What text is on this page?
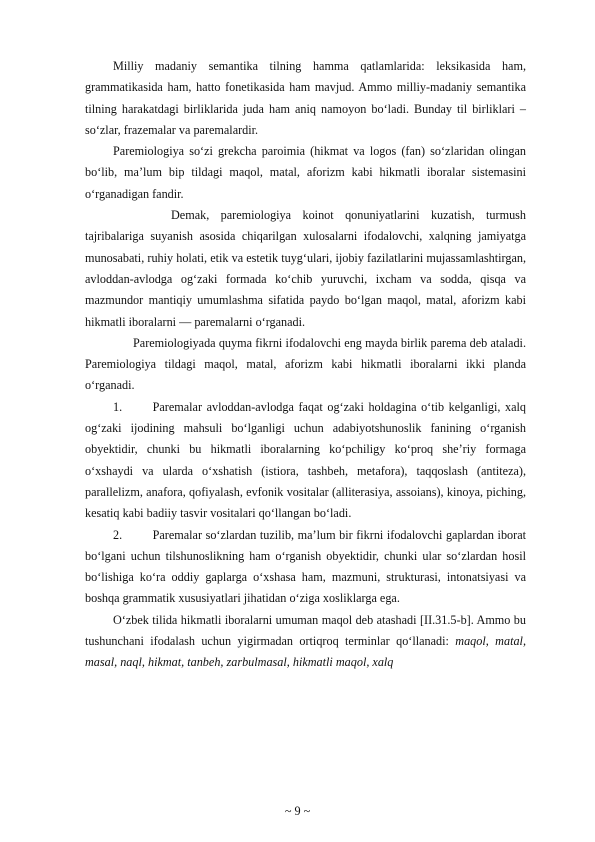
Milliy madaniy semantika tilning hamma qatlamlarida: leksikasida ham, grammatikasida ham, hatto fonetikasida ham mavjud. Ammo milliy-madaniy semantika tilning harakatdagi birliklarida juda ham aniq namoyon bo‘ladi. Bunday til birliklari – so‘zlar, frazemalar va paremalardir.

Paremiologiya so‘zi grekcha paroimia (hikmat va logos (fan) so‘zlaridan olingan bo‘lib, ma’lum bip tildagi maqol, matal, aforizm kabi hikmatli iboralar sistemasini o‘rganadigan fandir.

Demak, paremiologiya koinot qonuniyatlarini kuzatish, turmush tajribalariga suyanish asosida chiqarilgan xulosalarni ifodalovchi, xalqning jamiyatga munosabati, ruhiy holati, etik va estetik tuyg‘ulari, ijobiy fazilatlarini mujassamlashtirgan, avloddan-avlodga og‘zaki formada ko‘chib yuruvchi, ixcham va sodda, qisqa va mazmundor mantiqiy umumlashma sifatida paydo bo‘lgan maqol, matal, aforizm kabi hikmatli iboralarni — paremalarni o‘rganadi.

Paremiologiyada quyma fikrni ifodalovchi eng mayda birlik parema deb ataladi. Paremiologiya tildagi maqol, matal, aforizm kabi hikmatli iboralarni ikki planda o‘rganadi.

1.    Paremalar avloddan-avlodga faqat og‘zaki holdagina o‘tib kelganligi, xalq og‘zaki ijodining mahsuli bo‘lganligi uchun adabiyotshunoslik fanining o‘rganish obyektidir, chunki bu hikmatli iboralarning ko‘pchiligy ko‘proq she’riy formaga o‘xshaydi va ularda o‘xshatish (istiora, tashbeh, metafora), taqqoslash (antiteza), parallelizm, anafora, qofiyalash, evfonik vositalar (alliterasiya, assoians), kinoya, piching, kesatiq kabi badiiy tasvir vositalari qo‘llangan bo‘ladi.

2.    Paremalar so‘zlardan tuzilib, ma’lum bir fikrni ifodalovchi gaplardan iborat bo‘lgani uchun tilshunoslikning ham o‘rganish obyektidir, chunki ular so‘zlardan hosil bo‘lishiga ko‘ra oddiy gaplarga o‘xshasa ham, mazmuni, strukturasi, intonatsiyasi va boshqa grammatik xususiyatlari jihatidan o‘ziga xosliklarga ega.

O‘zbek tilida hikmatli iboralarni umuman maqol deb atashadi [II.31.5-b]. Ammo bu tushunchani ifodalash uchun yigirmadan ortiqroq terminlar qo‘llanadi: maqol, matal, masal, naql, hikmat, tanbeh, zarbulmasal, hikmatli maqol, xalq

~ 9 ~
